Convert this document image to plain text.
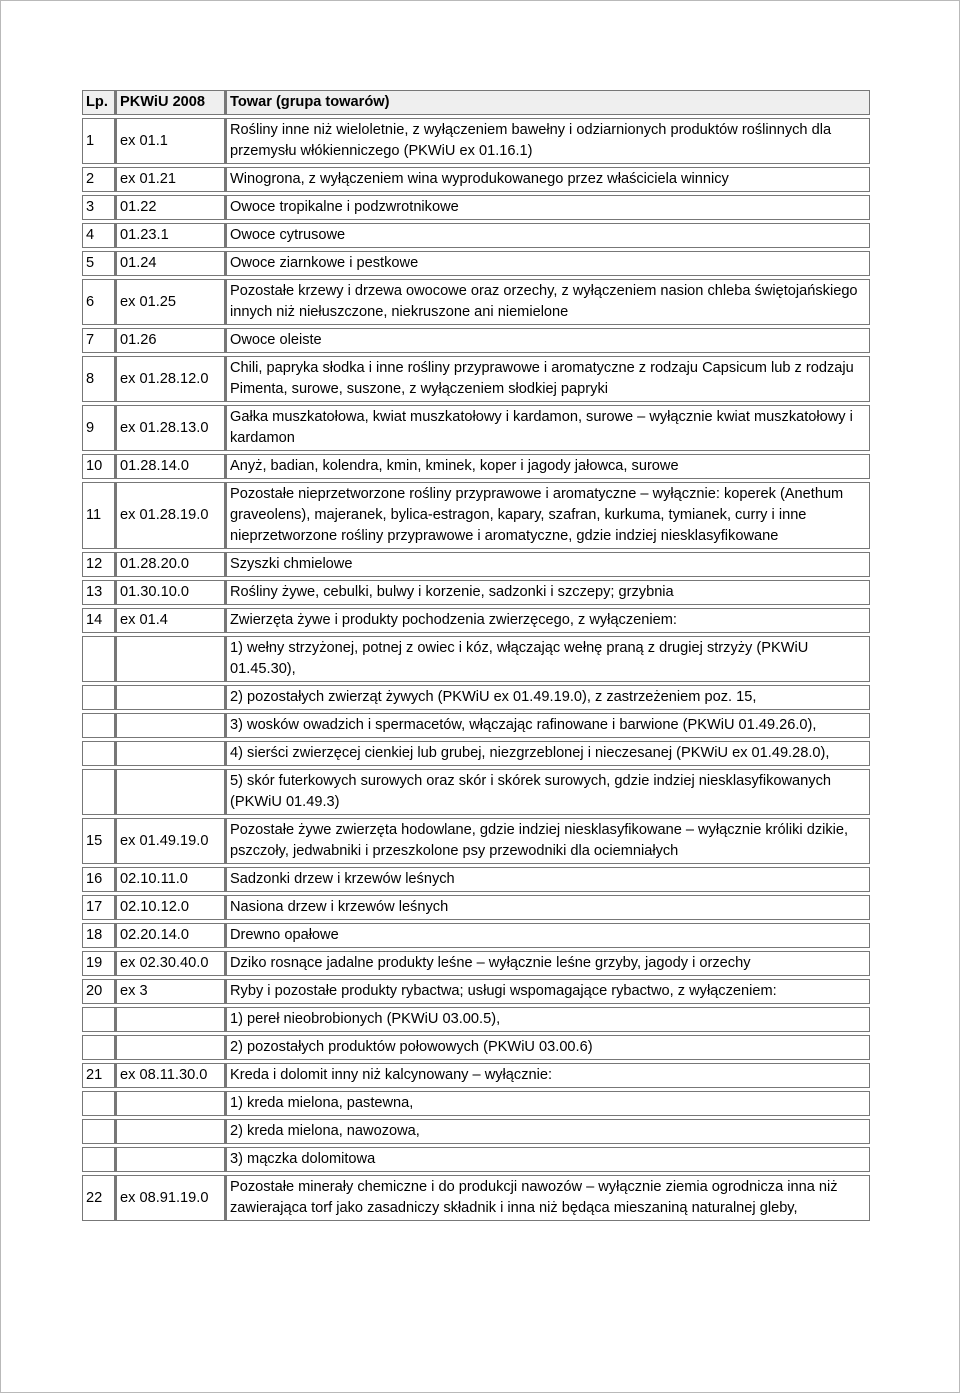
Lp.	PKWiU 2008	Towar (grupa towarów)
1	ex 01.1	Rośliny inne niż wieloletnie, z wyłączeniem bawełny i odziarnionych produktów roślinnych dla przemysłu włókienniczego (PKWiU ex 01.16.1)
2	ex 01.21	Winogrona, z wyłączeniem wina wyprodukowanego przez właściciela winnicy
3	01.22	Owoce tropikalne i podzwrotnikowe
4	01.23.1	Owoce cytrusowe
5	01.24	Owoce ziarnkowe i pestkowe
6	ex 01.25	Pozostałe krzewy i drzewa owocowe oraz orzechy, z wyłączeniem nasion chleba świętojańskiego innych niż niełuszczone, niekruszone ani niemielone
7	01.26	Owoce oleiste
8	ex 01.28.12.0	Chili, papryka słodka i inne rośliny przyprawowe i aromatyczne z rodzaju Capsicum lub z rodzaju Pimenta, surowe, suszone, z wyłączeniem słodkiej papryki
9	ex 01.28.13.0	Gałka muszkatołowa, kwiat muszkatołowy i kardamon, surowe – wyłącznie kwiat muszkatołowy i kardamon
10	01.28.14.0	Anyż, badian, kolendra, kmin, kminek, koper i jagody jałowca, surowe
11	ex 01.28.19.0	Pozostałe nieprzetworzone rośliny przyprawowe i aromatyczne – wyłącznie: koperek (Anethum graveolens), majeranek, bylica-estragon, kapary, szafran, kurkuma, tymianek, curry i inne nieprzetworzone rośliny przyprawowe i aromatyczne, gdzie indziej niesklasyfikowane
12	01.28.20.0	Szyszki chmielowe
13	01.30.10.0	Rośliny żywe, cebulki, bulwy i korzenie, sadzonki i szczepy; grzybnia
14	ex 01.4	Zwierzęta żywe i produkty pochodzenia zwierzęcego, z wyłączeniem:
		1) wełny strzyżonej, potnej z owiec i kóz, włączając wełnę praną z drugiej strzyży (PKWiU 01.45.30),
		2) pozostałych zwierząt żywych (PKWiU ex 01.49.19.0), z zastrzeżeniem poz. 15,
		3) wosków owadzich i spermacetów, włączając rafinowane i barwione (PKWiU 01.49.26.0),
		4) sierści zwierzęcej cienkiej lub grubej, niezgrzeblonej i nieczesanej (PKWiU ex 01.49.28.0),
		5) skór futerkowych surowych oraz skór i skórek surowych, gdzie indziej niesklasyfikowanych (PKWiU 01.49.3)
15	ex 01.49.19.0	Pozostałe żywe zwierzęta hodowlane, gdzie indziej niesklasyfikowane – wyłącznie króliki dzikie, pszczoły, jedwabniki i przeszkolone psy przewodniki dla ociemniałych
16	02.10.11.0	Sadzonki drzew i krzewów leśnych
17	02.10.12.0	Nasiona drzew i krzewów leśnych
18	02.20.14.0	Drewno opałowe
19	ex 02.30.40.0	Dziko rosnące jadalne produkty leśne – wyłącznie leśne grzyby, jagody i orzechy
20	ex 3	Ryby i pozostałe produkty rybactwa; usługi wspomagające rybactwo, z wyłączeniem:
		1) pereł nieobrobionych (PKWiU 03.00.5),
		2) pozostałych produktów połowowych (PKWiU 03.00.6)
21	ex 08.11.30.0	Kreda i dolomit inny niż kalcynowany – wyłącznie:
		1) kreda mielona, pastewna,
		2) kreda mielona, nawozowa,
		3) mączka dolomitowa
22	ex 08.91.19.0	Pozostałe minerały chemiczne i do produkcji nawozów – wyłącznie ziemia ogrodnicza inna niż zawierająca torf jako zasadniczy składnik i inna niż będąca mieszaniną naturalnej gleby,
